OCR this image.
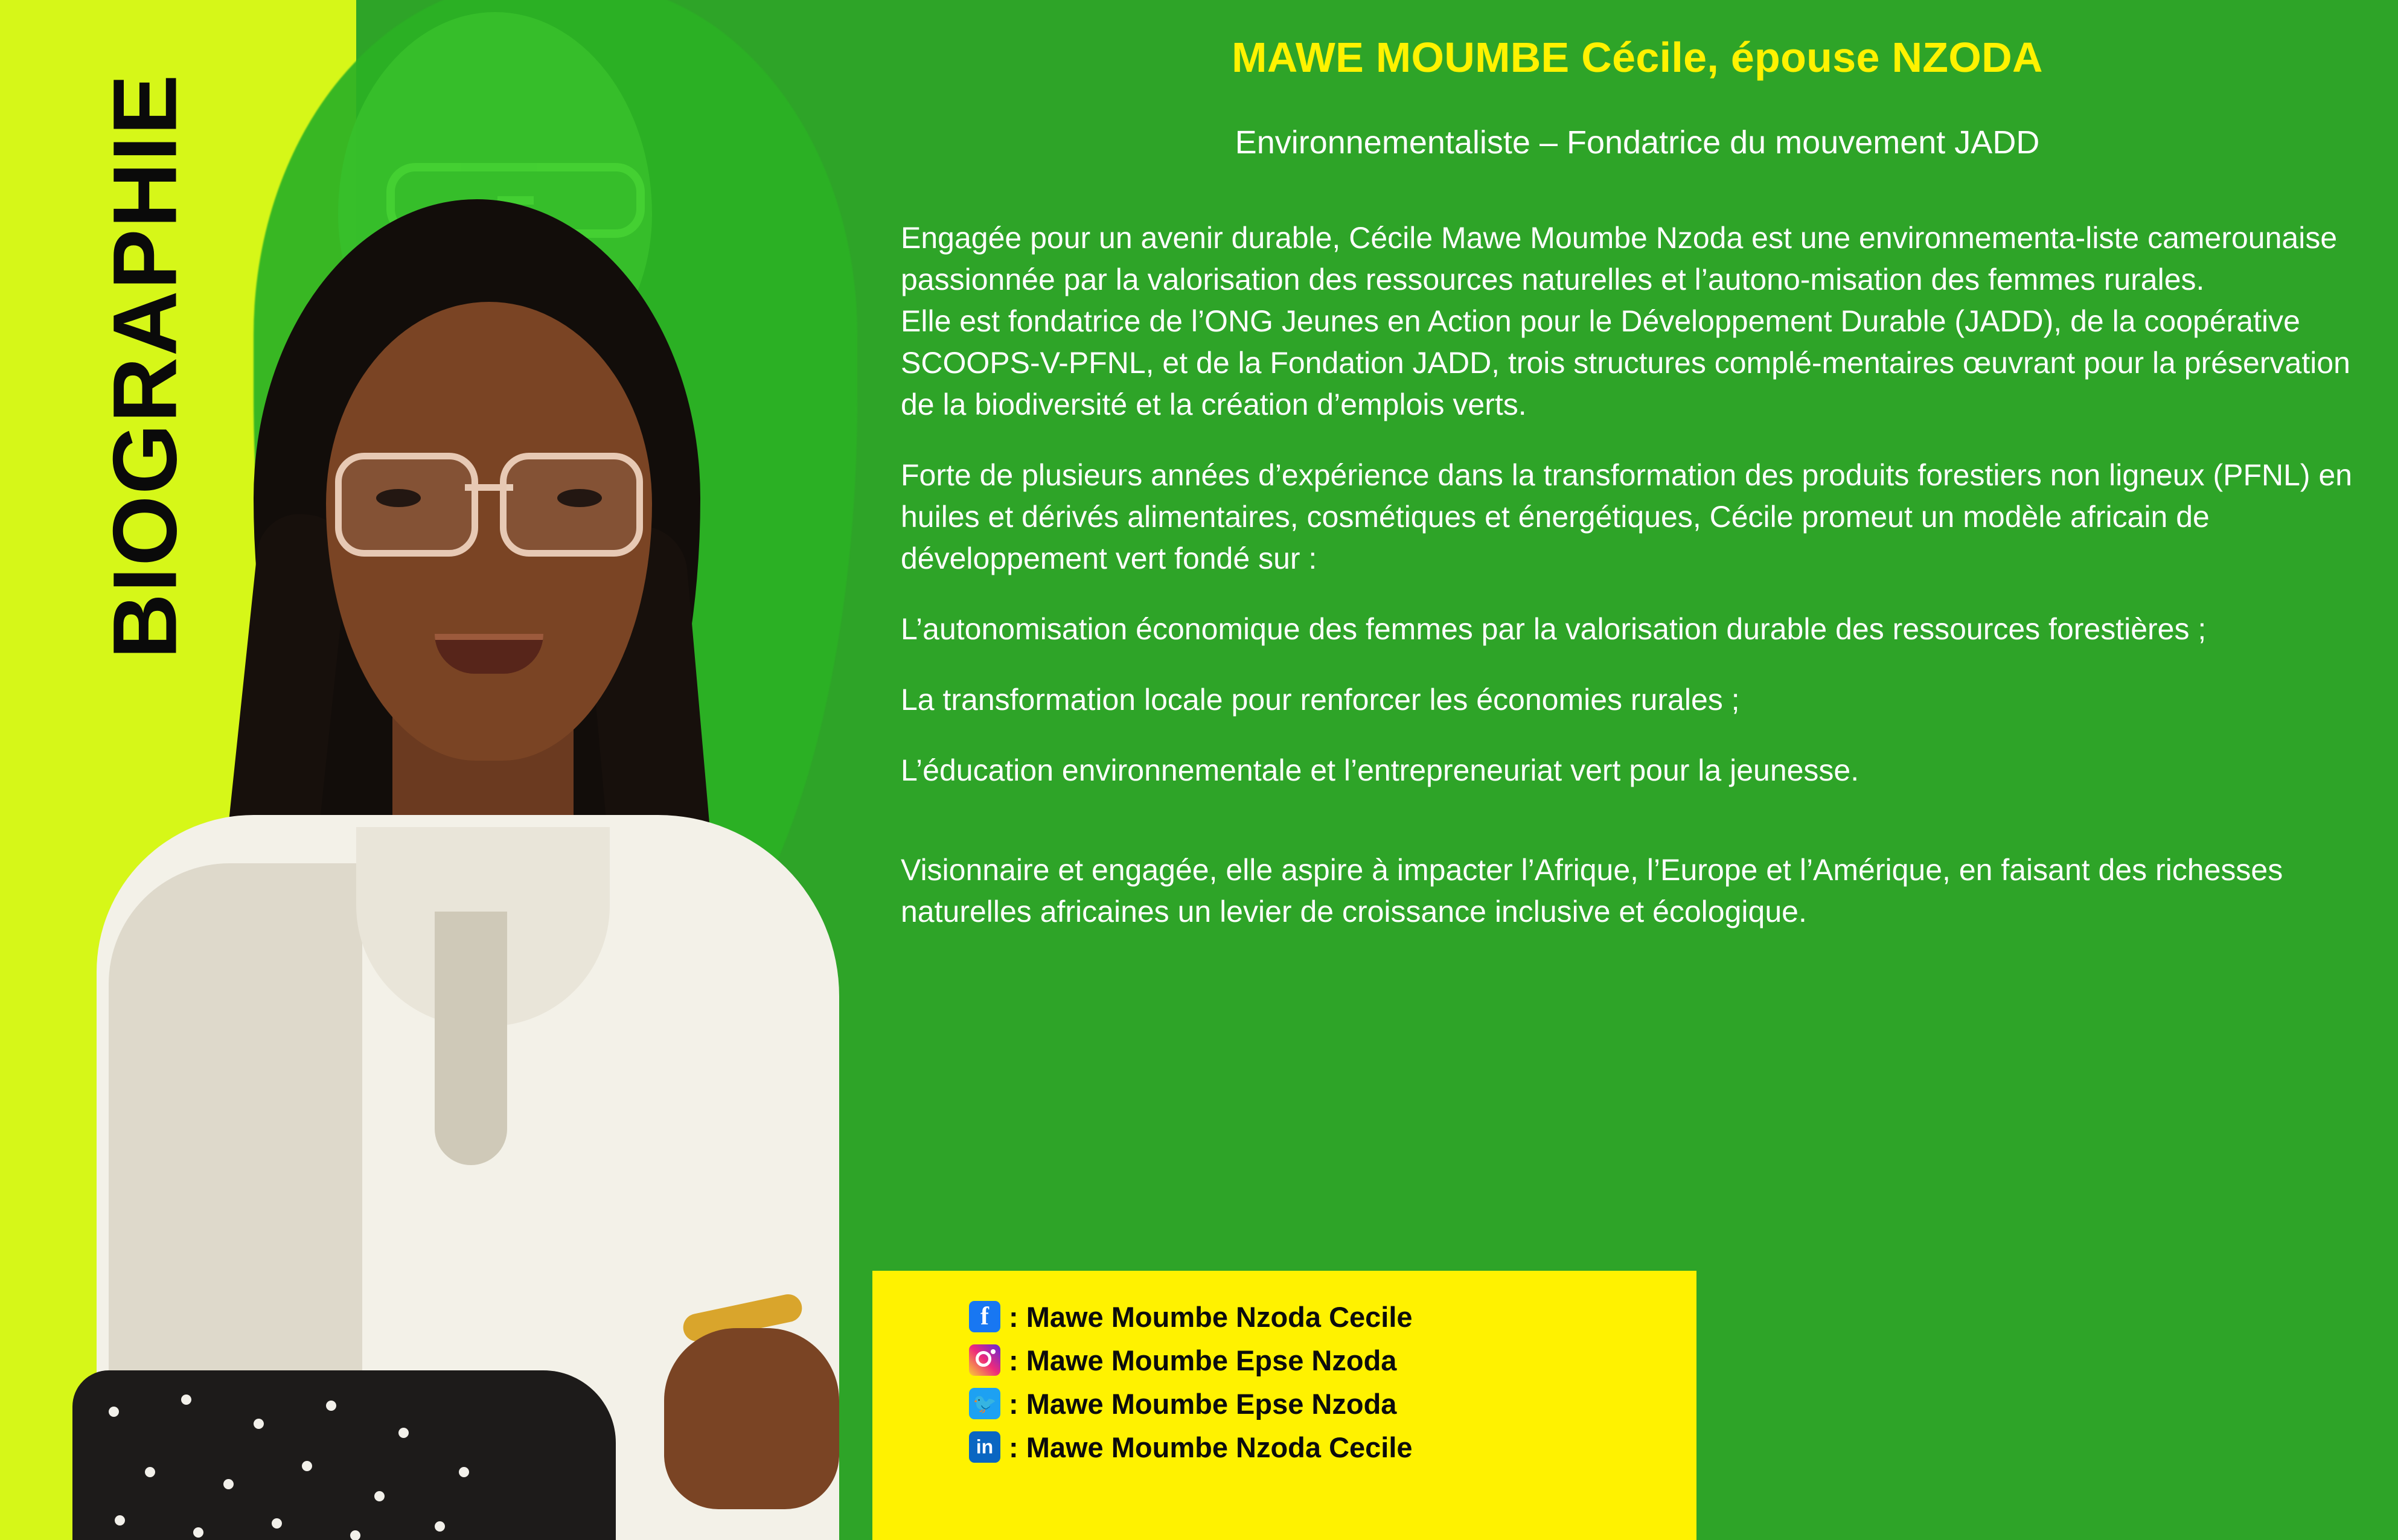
BIOGRAPHIE
MAWE MOUMBE Cécile, épouse NZODA
Environnementaliste – Fondatrice du mouvement JADD

Engagée pour un avenir durable, Cécile Mawe Moumbe Nzoda est une environnementa-liste camerounaise passionnée par la valorisation des ressources naturelles et l’autono-misation des femmes rurales.

Elle est fondatrice de l’ONG Jeunes en Action pour le Développement Durable (JADD), de la coopérative SCOOPS-V-PFNL, et de la Fondation JADD, trois structures complé-mentaires œuvrant pour la préservation de la biodiversité et la création d’emplois verts.

Forte de plusieurs années d’expérience dans la transformation des produits forestiers non ligneux (PFNL) en huiles et dérivés alimentaires, cosmétiques et énergétiques, Cécile promeut un modèle africain de développement vert fondé sur :

L’autonomisation économique des femmes par la valorisation durable des ressources forestières ;

La transformation locale pour renforcer les économies rurales ;

L’éducation environnementale et l’entrepreneuriat vert pour la jeunesse.

Visionnaire et engagée, elle aspire à impacter l’Afrique, l’Europe et l’Amérique, en faisant des richesses naturelles africaines un levier de croissance inclusive et écologique.

f
: Mawe Moumbe Nzoda Cecile
: Mawe Moumbe Epse Nzoda
🐦
: Mawe Moumbe Epse Nzoda
in
: Mawe Moumbe Nzoda Cecile
